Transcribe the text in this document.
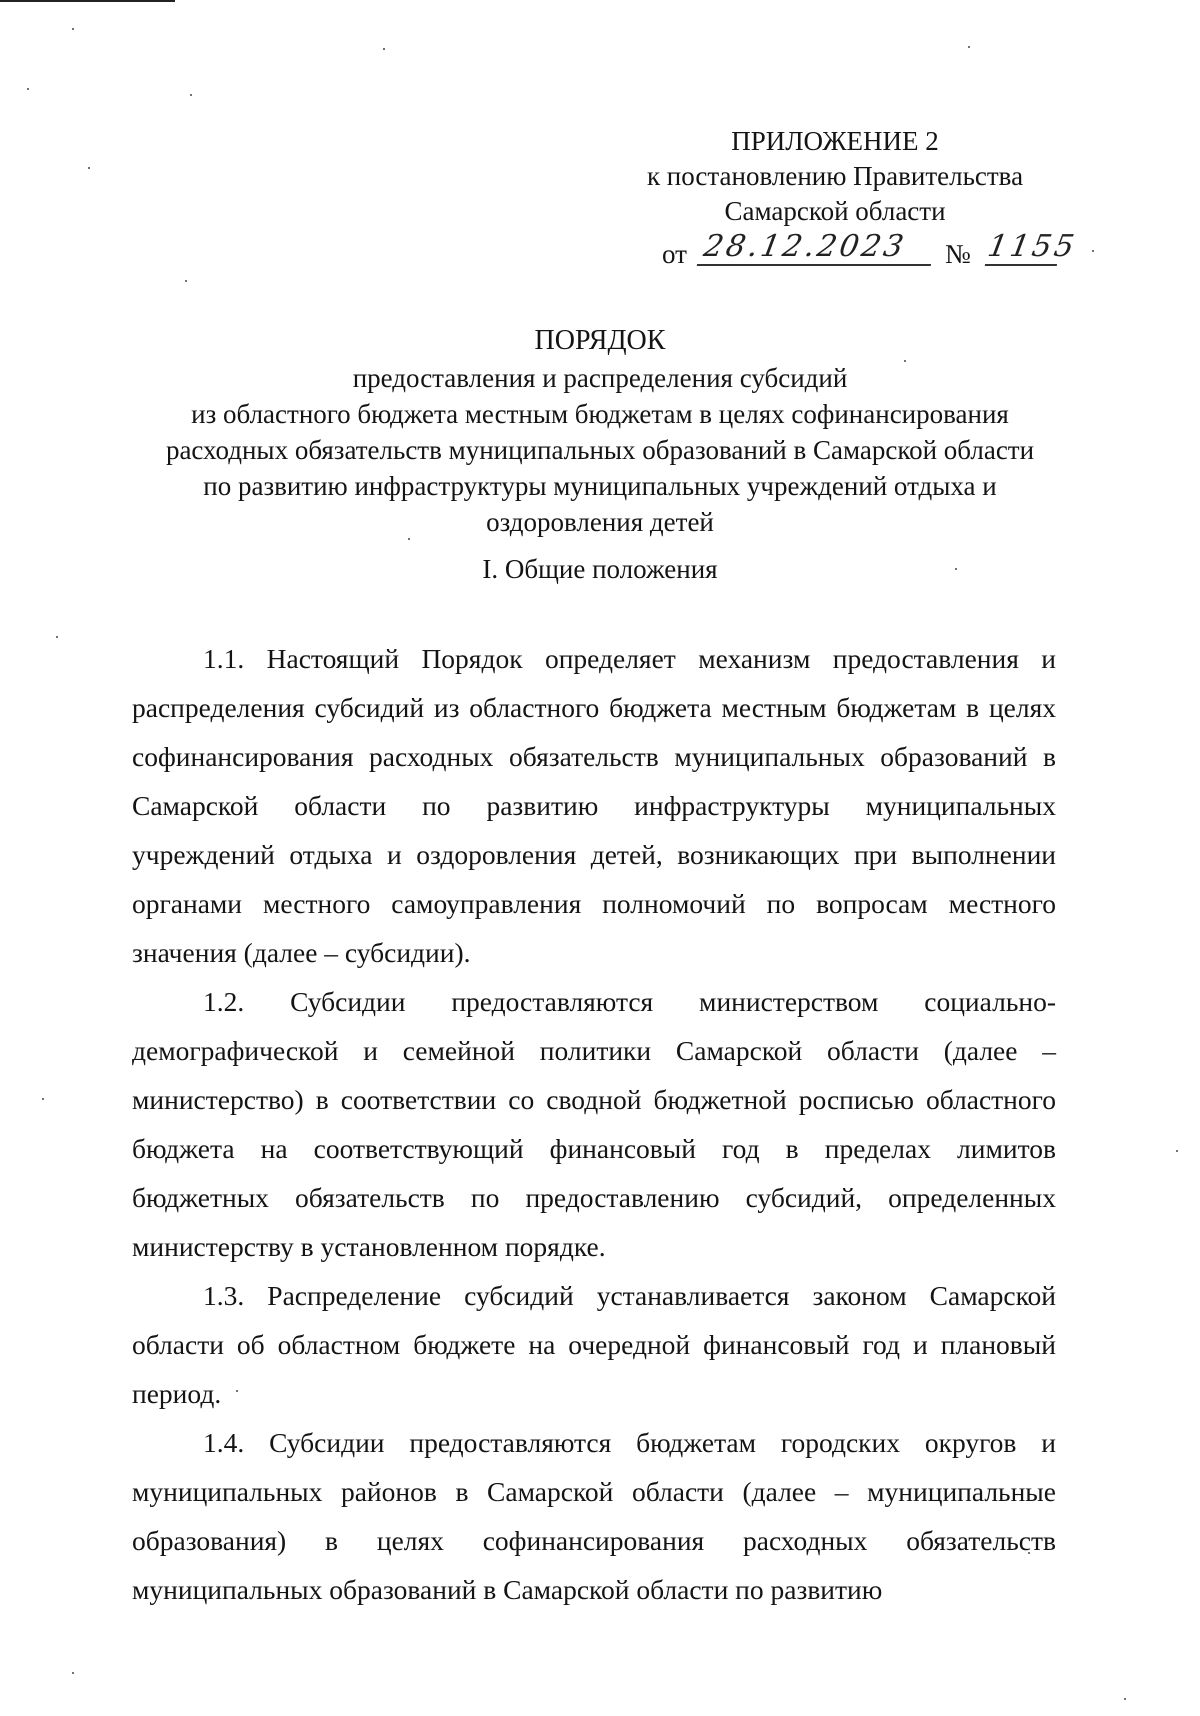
ПРИЛОЖЕНИЕ 2
к постановлению Правительства
Самарской области
от 28.12.2023	№ 1155
ПОРЯДОК
предоставления и распределения субсидий
из областного бюджета местным бюджетам в целях софинансирования
расходных обязательств муниципальных образований в Самарской области
по развитию инфраструктуры муниципальных учреждений отдыха и
оздоровления детей
I. Общие положения

1.1. Настоящий Порядок определяет механизм предоставления и распределения субсидий из областного бюджета местным бюджетам в целях софинансирования расходных обязательств муниципальных образований в Самарской области по развитию инфраструктуры муниципальных учреждений отдыха и оздоровления детей, возникающих при выполнении органами местного самоуправления полномочий по вопросам местного значения (далее – субсидии).

1.2. Субсидии предоставляются министерством социально-демографической и семейной политики Самарской области (далее – министерство) в соответствии со сводной бюджетной росписью областного бюджета на соответствующий финансовый год в пределах лимитов бюджетных обязательств по предоставлению субсидий, определенных министерству в установленном порядке.

1.3. Распределение субсидий устанавливается законом Самарской области об областном бюджете на очередной финансовый год и плановый период.

1.4. Субсидии предоставляются бюджетам городских округов и муниципальных районов в Самарской области (далее – муниципальные образования) в целях софинансирования расходных обязательств муниципальных образований в Самарской области по развитию
